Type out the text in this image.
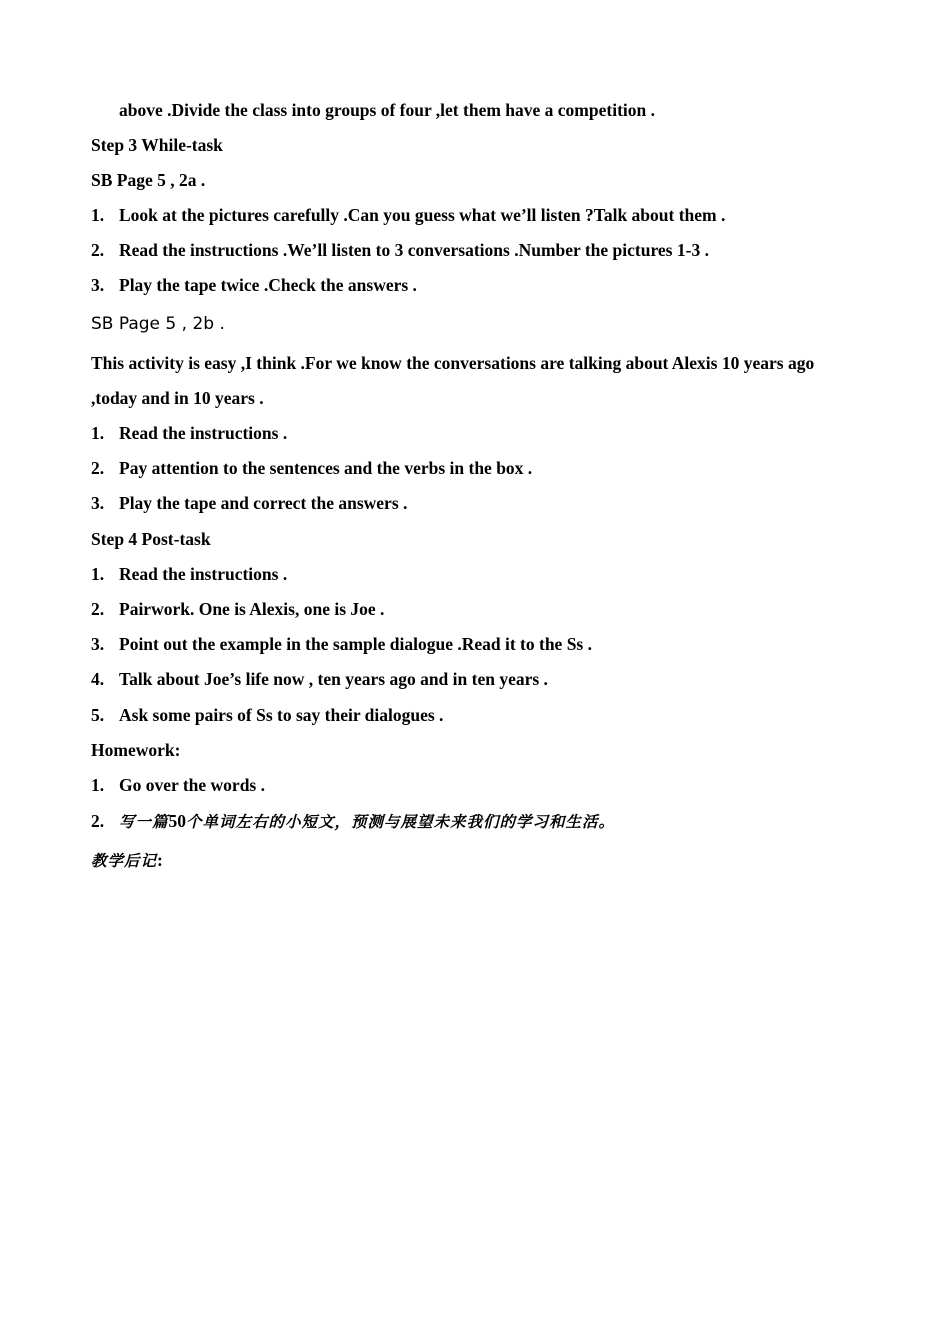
above .Divide the class into groups of four ,let them have a competition .
Step 3 While-task
SB Page 5 , 2a .
1. Look at the pictures carefully .Can you guess what we’ll listen ?Talk about them .
2. Read the instructions .We’ll listen to 3 conversations .Number the pictures 1-3 .
3. Play the tape twice .Check the answers .
SB Page 5 , 2b .
This activity is easy ,I think .For we know the conversations are talking about Alexis 10 years ago ,today and in 10 years .
1. Read the instructions .
2. Pay attention to the sentences and the verbs in the box .
3. Play the tape and correct the answers .
Step 4 Post-task
1. Read the instructions .
2. Pairwork. One is Alexis, one is Joe .
3. Point out the example in the sample dialogue .Read it to the Ss .
4. Talk about Joe’s life now , ten years ago and in ten years .
5. Ask some pairs of Ss to say their dialogues .
Homework:
1. Go over the words .
2. 写一篇50个单词左右的小短文，预测与展望未来我们的学习和生活。
教学后记:
